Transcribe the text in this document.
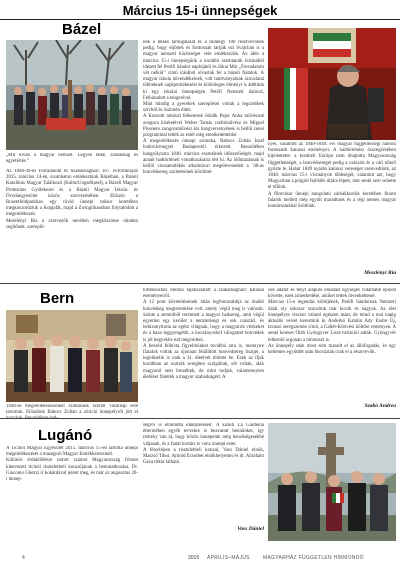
Március 15-i ünnepségek
Bázel
„Mit kíván a magyar nemzet. Legyen béke, szabadság és egyetértés.”
Az 1848-49-es Forradalom és Szabadságharc 167. évfordulóján 2015. március 14-én, szombaton emlékeztünk Bázelban, a Bázeli Katolikus Magyar Találkozó (KulturUngarBasel), a Bázeli Magyar Protestáns Gyülekezet és a Bázeli Magyar Iskola- és Óvodaegyesület közös szervezésében. Először a Rosentfeldparkban egy rövid ünnepi műsor keretében megkoszorúztuk a Kopjafát, majd a Zwinglihausban folytatódott a megemlékezés.
Mesélényi Ria a szervezők nevében megköszönte minden segítőnek, szereplő-
nek a lelkes támogatását és a mintegy 100 résztvevőnek pedig, hogy eljöttek és fontosnak tartják ezt Svájcban is a magyar nemzeti közösséget vele emlékezzük. Az idén a március 15-i ünnepségünk a korábbi szemtanúk leírásából idézett fel Petőfi Sándor naplójától és Jókai Mór „Forradalom vét nélkül” című írásából olvastak fel a bázeli fiatalok. A magyar iskola növendékeinek, volt tanítványainak szavalatai többeknek sajátjemlékezést és különleges élményt is átéltünk ki egy iskolai ünnepségen Petőfi Nemzeti dalával, Felháradott a tengerével.
Mint mindig a gyerekek szereplései voltak a legszebbek szívből és őszintén éltek.
A Kossuth nótával felkeresek ötödik Pajor Anna művészné zongora kíséretével Weber Tamás csellóművész és Miguel Pisonero zongoraművész kis hangversenyének is beillő zenei programmal tették az estét még emelkedettebbé.
A megemlékezés ünnepi szónoka, Babocs Zoltán Iszaf budovármegyei Budapesttől érkezett. Beszédében hangsúlyozta 1848. március eszméinek időszerűségét, majd annak hadtörténeti vonatkozásaira tért ki. Az időutazásnak is beillő visszaemlékés alkalmával megelevenedett a ’48-as honvédsereg születésének körülmé-
nyei, valamint az 1848-1849. évi magyar függetlenségi háború fontosabb katonai eseményei. A hadtörténész összegzésében kijelentette: a korabeli Európa nem óhajtotta Magyarország függetlenségét, a honvédsereget pedig a császári és a cári túlerő győzte le. Habár 1849 nyarán katonai vereséget szenvedtünk, az 1848. március 15-i vívmányok többségét, valamint azt, hogy Magyarban a polgári fejlődés útjára lépett, már senki sem vehette el tőlünk.
A filmvásár ünnepi hangulatú záróakkordás keretében finom falatok mellett még együtt maradtunk és a régi nemes magyar hontársainkkal örültünk.
Meszlényi Ria
Bern
1848-as megemlékezésünket szokásunk szerint vasárnap este tartottuk. Előadónk Babocs Zoltán a zürichi ünnepélyről jött el hozzánk. Beszédében had-
történészhez méltón tájékoztatott a szabadságharc katonai eseményeiről.
A 12 pont követeléseinek talán legfontosabbja az önálló honvédség megteremtése volt, amely végül meg is valósult. Szinte a semmiből teremtett a magyar hadsereg, amit végül egyetlen egy kerület a nemzetiségi és sok császári, és bebizonyította az egész világnak, hogy a magyarok vitézeket és a haza leggyengébb, a kocsányosból válogatott honvédek is jól hegyekbe tud megvédeni.
A beszéd felhívta figyelmünket továbbá arra is, mennyire fiatalok voltak az újonnan felállított honvédsereg tisztjei, a legidősebb is csak a 31. életévét töltötte be. Ezek az ifjak korábban az osztrák seregben szolgáltak, sőt voltak, akik magyarul sem beszéltek, de mint tudjuk, valamennyien életüket fizették a magyar szabadságért. A
sok adatot és tényt alapuló előadást egységes vidámabb epizód követte, ezek ismerkedése, amiket tettek ötvenkettessé.
Március 15-e legendás költőjének, Petőfi Sándornak Nemzeti dalát oly sokszor szavaltuk már kicsik és nagyok. Az idei ünnepélyre viszont valami egészen mást, de mind a mai napig aktuális verset kerestünk ki Anderkó Katalin Ady Endre Új, tavaszi seregszemle című, a Gallét-Körtvési költőre reményen. A zenei kereset Oláh Gyöngyver Liszt-variációi adták. Gyöngyvér lelkesítő orgonán a himnuszt is.
Az ünnepély után most sem maradt el az állófogadás, és egy kellemes együttlét után búcsúztak csak el a résztvevők.
Szabó Andrea
Lugánó
A Ticinói Magyar Egyesület 2015. március 15-én tartotta ünnepi megemlékezését a masagnói Magyar Emlékkeresztnél.
Különös érdeklődésre tartott számot Magyarország frissen kinevezett ticinói tiszteletbeli konzuljának a bemutatkozása. Dr. Giacomo Ghezzi ír kokárdával jelent meg, és már az augusztus 20-i ünnep-
ségről is elmondta elképzeléseit. A közeli La Gardenia éttermében egyéb tervekre is beavatott bennünket, így remény van rá, hogy közös ünnepeink még bensőségesebbé váljanak, és a fiatal kortárs is vonz ünnepi estet.
A fényképen a tiszteletbeli konzul, Vass Dániel elnök, Marzső Tibor, Arnold Erzsébet elnökhelyettes és dr. Abrahám Géza titkár látható.
Vass Dániel
4	2015 ÁPRILIS–MÁJUS	MAGYARHÁZ FÜGGETLEN HÍRMONDÓ
